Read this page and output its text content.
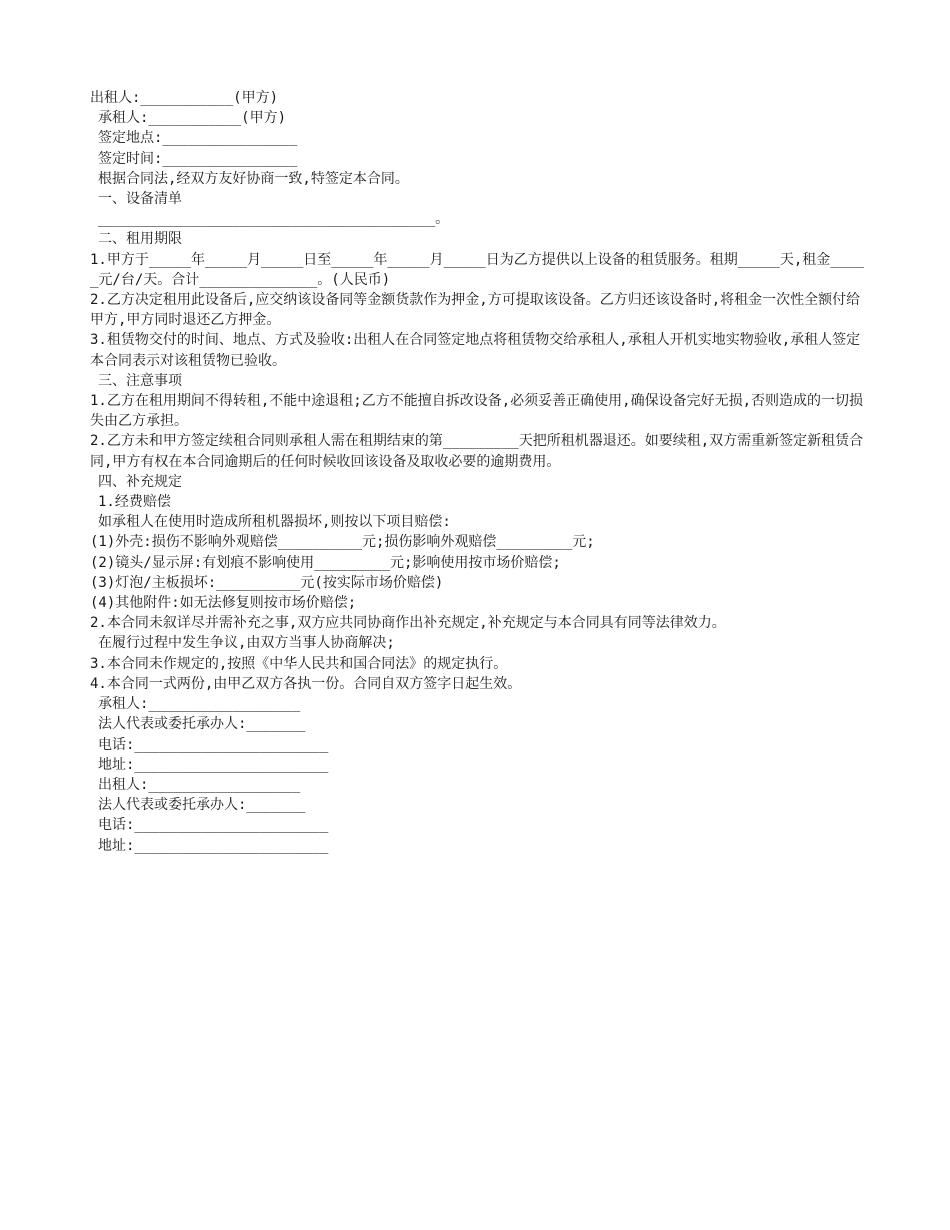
出租人:___________(甲方)
承租人:___________(甲方)
签定地点:________________
签定时间:________________
根据合同法,经双方友好协商一致,特签定本合同。
一、设备清单
________________________________________。
二、租用期限

1.甲方于_____年_____月_____日至_____年_____月_____日为乙方提供以上设备的租赁服务。租期_____天,租金_____元/台/天。合计______________。(人民币)

2.乙方决定租用此设备后,应交纳该设备同等金额货款作为押金,方可提取该设备。乙方归还该设备时,将租金一次性全额付给甲方,甲方同时退还乙方押金。

3.租赁物交付的时间、地点、方式及验收:出租人在合同签定地点将租赁物交给承租人,承租人开机实地实物验收,承租人签定本合同表示对该租赁物已验收。

三、注意事项

1.乙方在租用期间不得转租,不能中途退租;乙方不能擅自拆改设备,必须妥善正确使用,确保设备完好无损,否则造成的一切损失由乙方承担。

2.乙方未和甲方签定续租合同则承租人需在租期结束的第_________天把所租机器退还。如要续租,双方需重新签定新租赁合同,甲方有权在本合同逾期后的任何时候收回该设备及取收必要的逾期费用。

四、补充规定
1.经费赔偿
如承租人在使用时造成所租机器损坏,则按以下项目赔偿:
(1)外壳:损伤不影响外观赔偿__________元;损伤影响外观赔偿_________元;
(2)镜头/显示屏:有划痕不影响使用_________元;影响使用按市场价赔偿;
(3)灯泡/主板损坏:__________元(按实际市场价赔偿)
(4)其他附件:如无法修复则按市场价赔偿;
2.本合同未叙详尽并需补充之事,双方应共同协商作出补充规定,补充规定与本合同具有同等法律效力。
在履行过程中发生争议,由双方当事人协商解决;
3.本合同未作规定的,按照《中华人民共和国合同法》的规定执行。
4.本合同一式两份,由甲乙双方各执一份。合同自双方签字日起生效。
承租人:__________________
法人代表或委托承办人:_______
电话:_______________________
地址:_______________________
出租人:__________________
法人代表或委托承办人:_______
电话:_______________________
地址:_______________________
